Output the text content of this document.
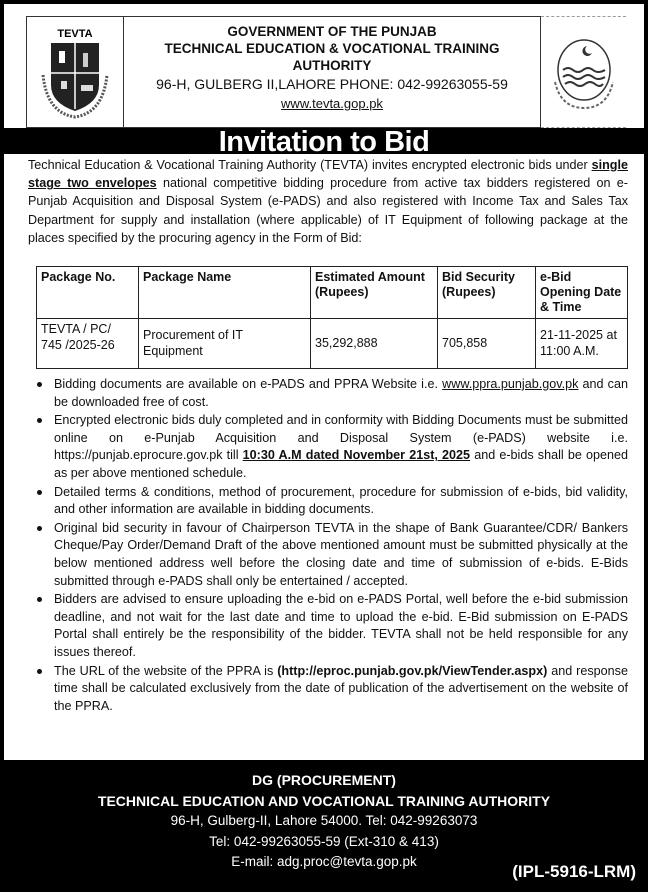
TEVTA	GOVERNMENT OF THE PUNJAB
TECHNICAL EDUCATION & VOCATIONAL TRAINING
AUTHORITY
96-H, GULBERG II,LAHORE PHONE: 042-99263055-59
www.tevta.gop.pk
Invitation to Bid

Technical Education & Vocational Training Authority (TEVTA) invites encrypted electronic bids under single stage two envelopes national competitive bidding procedure from active tax bidders registered on e-Punjab Acquisition and Disposal System (e-PADS) and also registered with Income Tax and Sales Tax Department for supply and installation (where applicable) of IT Equipment of following package at the places specified by the procuring agency in the Form of Bid:

Package No.	Package Name	Estimated Amount (Rupees)	Bid Security (Rupees)	e-Bid Opening Date & Time
TEVTA / PC/ 745 /2025-26	Procurement of IT Equipment	35,292,888	705,858	21-11-2025 at 11:00 A.M.
Bidding documents are available on e-PADS and PPRA Website i.e. www.ppra.punjab.gov.pk and can be downloaded free of cost.
Encrypted electronic bids duly completed and in conformity with Bidding Documents must be submitted online on e-Punjab Acquisition and Disposal System (e-PADS) website i.e. https://punjab.eprocure.gov.pk till 10:30 A.M dated November 21st, 2025 and e-bids shall be opened as per above mentioned schedule.
Detailed terms & conditions, method of procurement, procedure for submission of e-bids, bid validity, and other information are available in bidding documents.
Original bid security in favour of Chairperson TEVTA in the shape of Bank Guarantee/CDR/ Bankers Cheque/Pay Order/Demand Draft of the above mentioned amount must be submitted physically at the below mentioned address well before the closing date and time of submission of e-bids. E-Bids submitted through e-PADS shall only be entertained / accepted.
Bidders are advised to ensure uploading the e-bid on e-PADS Portal, well before the e-bid submission deadline, and not wait for the last date and time to upload the e-bid. E-Bid submission on E-PADS Portal shall entirely be the responsibility of the bidder. TEVTA shall not be held responsible for any issues thereof.
The URL of the website of the PPRA is (http://eproc.punjab.gov.pk/ViewTender.aspx) and response time shall be calculated exclusively from the date of publication of the advertisement on the website of the PPRA.
DG (PROCUREMENT)
TECHNICAL EDUCATION AND VOCATIONAL TRAINING AUTHORITY
96-H, Gulberg-II, Lahore 54000. Tel: 042-99263073
Tel: 042-99263055-59 (Ext-310 & 413)
E-mail: adg.proc@tevta.gop.pk	(IPL-5916-LRM)
